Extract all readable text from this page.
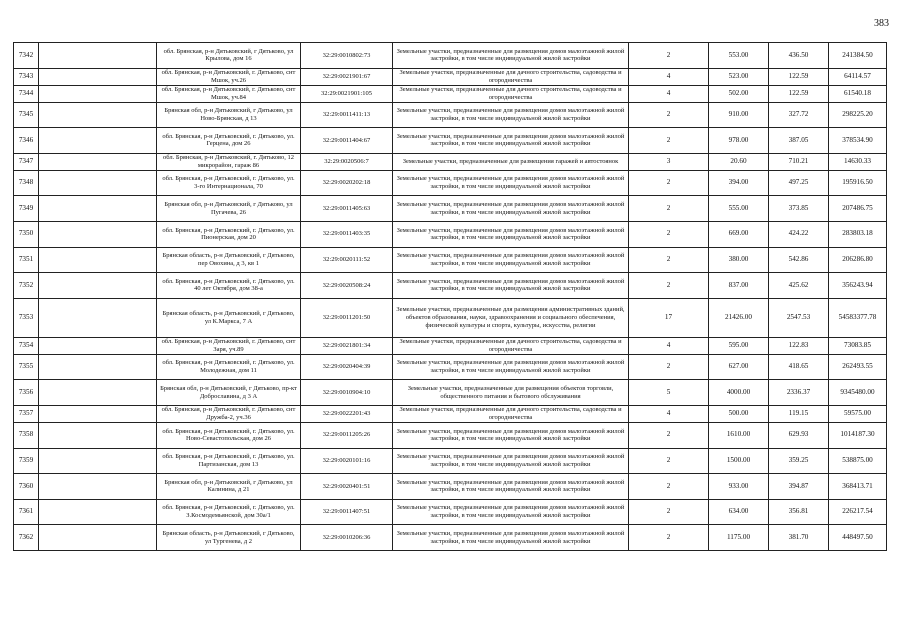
383
7342		обл. Брянская, р-н Дятьковский, г Дятьково, ул Крылова, дом 16	32:29:0010802:73	Земельные участки, предназначенные для размещения домов малоэтажной жилой застройки, в том числе индивидуальной жилой застройки	2	553.00	436.50	241384.50
7343		обл. Брянская, р-н Дятьковский, г. Дятьково, снт Мшок, уч.26	32:29:0021901:67	Земельные участки, предназначенные для дачного строительства, садоводства и огородничества	4	523.00	122.59	64114.57
7344		обл. Брянская, р-н Дятьковский, г. Дятьково, снт Мшок, уч.84	32:29:0021901:105	Земельные участки, предназначенные для дачного строительства, садоводства и огородничества	4	502.00	122.59	61540.18
7345		Брянская обл, р-н Дятьковский, г Дятьково, ул Ново-Брянская, д 13	32:29:0011411:13	Земельные участки, предназначенные для размещения домов малоэтажной жилой застройки, в том числе индивидуальной жилой застройки	2	910.00	327.72	298225.20
7346		обл. Брянская, р-н Дятьковский, г. Дятьково, ул. Герцена, дом 26	32:29:0011404:67	Земельные участки, предназначенные для размещения домов малоэтажной жилой застройки, в том числе индивидуальной жилой застройки	2	978.00	387.05	378534.90
7347		обл. Брянская, р-н Дятьковский, г. Дятьково, 12 микрорайон, гараж 86	32:29:0020506:7	Земельные участки, предназначенные для размещения гаражей и автостоянок	3	20.60	710.21	14630.33
7348		обл. Брянская, р-н Дятьковский, г. Дятьково, ул. 3-го Интернационала, 70	32:29:0020202:18	Земельные участки, предназначенные для размещения домов малоэтажной жилой застройки, в том числе индивидуальной жилой застройки	2	394.00	497.25	195916.50
7349		Брянская обл, р-н Дятьковский, г Дятьково, ул Пугачева, 26	32:29:0011405:63	Земельные участки, предназначенные для размещения домов малоэтажной жилой застройки, в том числе индивидуальной жилой застройки	2	555.00	373.85	207486.75
7350		обл. Брянская, р-н Дятьковский, г. Дятьково, ул. Пионерская, дом 20	32:29:0011403:35	Земельные участки, предназначенные для размещения домов малоэтажной жилой застройки, в том числе индивидуальной жилой застройки	2	669.00	424.22	283803.18
7351		Брянская область, р-н Дятьковский, г Дятьково, пер Овохина, д 3, кв 1	32:29:0020111:52	Земельные участки, предназначенные для размещения домов малоэтажной жилой застройки, в том числе индивидуальной жилой застройки	2	380.00	542.86	206286.80
7352		обл. Брянская, р-н Дятьковский, г. Дятьково, ул. 40 лет Октября, дом 38-а	32:29:0020508:24	Земельные участки, предназначенные для размещения домов малоэтажной жилой застройки, в том числе индивидуальной жилой застройки	2	837.00	425.62	356243.94
7353		Брянская область, р-н Дятьковский, г Дятьково, ул К.Маркса, 7 А	32:29:0011201:50	Земельные участки, предназначенные для размещения административных зданий, объектов образования, науки, здравоохранения и социального обеспечения, физической культуры и спорта, культуры, искусства, религии	17	21426.00	2547.53	54583377.78
7354		обл. Брянская, р-н Дятьковский, г. Дятьково, снт Заря, уч.89	32:29:0021801:34	Земельные участки, предназначенные для дачного строительства, садоводства и огородничества	4	595.00	122.83	73083.85
7355		обл. Брянская, р-н Дятьковский, г. Дятьково, ул. Молодежная, дом 11	32:29:0020404:39	Земельные участки, предназначенные для размещения домов малоэтажной жилой застройки, в том числе индивидуальной жилой застройки	2	627.00	418.65	262493.55
7356		Брянская обл, р-н Дятьковский, г Дятьково, пр-кт Доброславина, д 3 А	32:29:0010904:10	Земельные участки, предназначенные для размещения объектов торговли, общественного питания и бытового обслуживания	5	4000.00	2336.37	9345480.00
7357		обл. Брянская, р-н Дятьковский, г. Дятьково, снт Дружба-2, уч.36	32:29:0022201:43	Земельные участки, предназначенные для дачного строительства, садоводства и огородничества	4	500.00	119.15	59575.00
7358		обл. Брянская, р-н Дятьковский, г. Дятьково, ул. Ново-Севастопольская, дом 26	32:29:0011205:26	Земельные участки, предназначенные для размещения домов малоэтажной жилой застройки, в том числе индивидуальной жилой застройки	2	1610.00	629.93	1014187.30
7359		обл. Брянская, р-н Дятьковский, г. Дятьково, ул. Партизанская, дом 13	32:29:0020101:16	Земельные участки, предназначенные для размещения домов малоэтажной жилой застройки, в том числе индивидуальной жилой застройки	2	1500.00	359.25	538875.00
7360		Брянская обл, р-н Дятьковский, г Дятьково, ул Калинина, д 21	32:29:0020401:51	Земельные участки, предназначенные для размещения домов малоэтажной жилой застройки, в том числе индивидуальной жилой застройки	2	933.00	394.87	368413.71
7361		обл. Брянская, р-н Дятьковский, г. Дятьково, ул. З.Космодемьянской, дом 30а/1	32:29:0011407:51	Земельные участки, предназначенные для размещения домов малоэтажной жилой застройки, в том числе индивидуальной жилой застройки	2	634.00	356.81	226217.54
7362		Брянская область, р-н Дятьковский, г Дятьково, ул Тургенева, д 2	32:29:0010206:36	Земельные участки, предназначенные для размещения домов малоэтажной жилой застройки, в том числе индивидуальной жилой застройки	2	1175.00	381.70	448497.50
